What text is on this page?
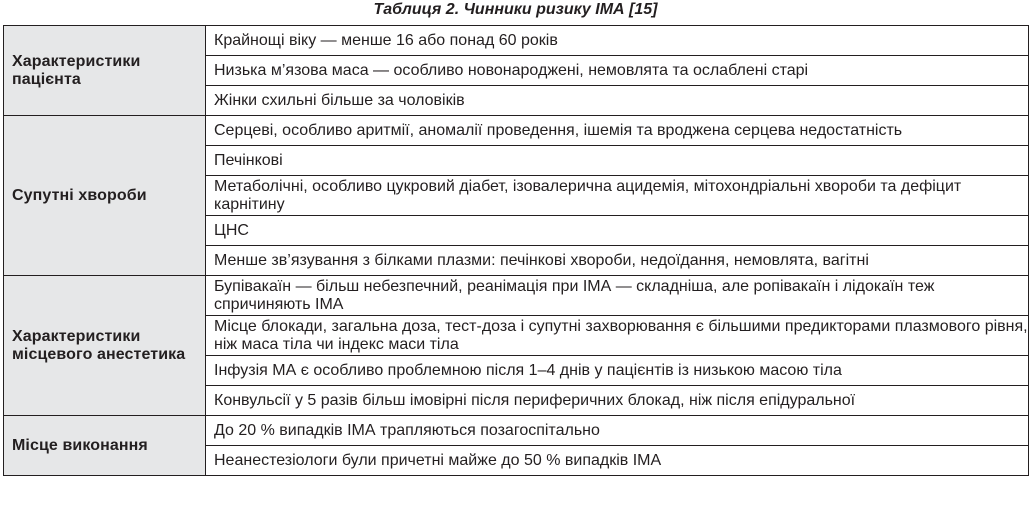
Таблиця 2. Чинники ризику ІМА [15]
Характеристики пацієнта	Крайнощі віку — менше 16 або понад 60 років
	Низька м’язова маса — особливо новонароджені, немовлята та ослаблені старі
	Жінки схильні більше за чоловіків
Супутні хвороби	Серцеві, особливо аритмії, аномалії проведення, ішемія та вроджена серцева недостатність
	Печінкові
	Метаболічні, особливо цукровий діабет, ізовалерична ацидемія, мітохондріальні хвороби та дефіцит карнітину
	ЦНС
	Менше зв’язування з білками плазми: печінкові хвороби, недоїдання, немовлята, вагітні
Характеристики місцевого анестетика	Бупівакаїн — більш небезпечний, реанімація при ІМА — складніша, але ропівакаїн і лідокаїн теж спричиняють ІМА
	Місце блокади, загальна доза, тест-доза і супутні захворювання є більшими предикторами плазмового рівня, ніж маса тіла чи індекс маси тіла
	Інфузія МА є особливо проблемною після 1–4 днів у пацієнтів із низькою масою тіла
	Конвульсії у 5 разів більш імовірні після периферичних блокад, ніж після епідуральної
Місце виконання	До 20 % випадків ІМА трапляються позагоспітально
	Неанестезіологи були причетні майже до 50 % випадків ІМА
